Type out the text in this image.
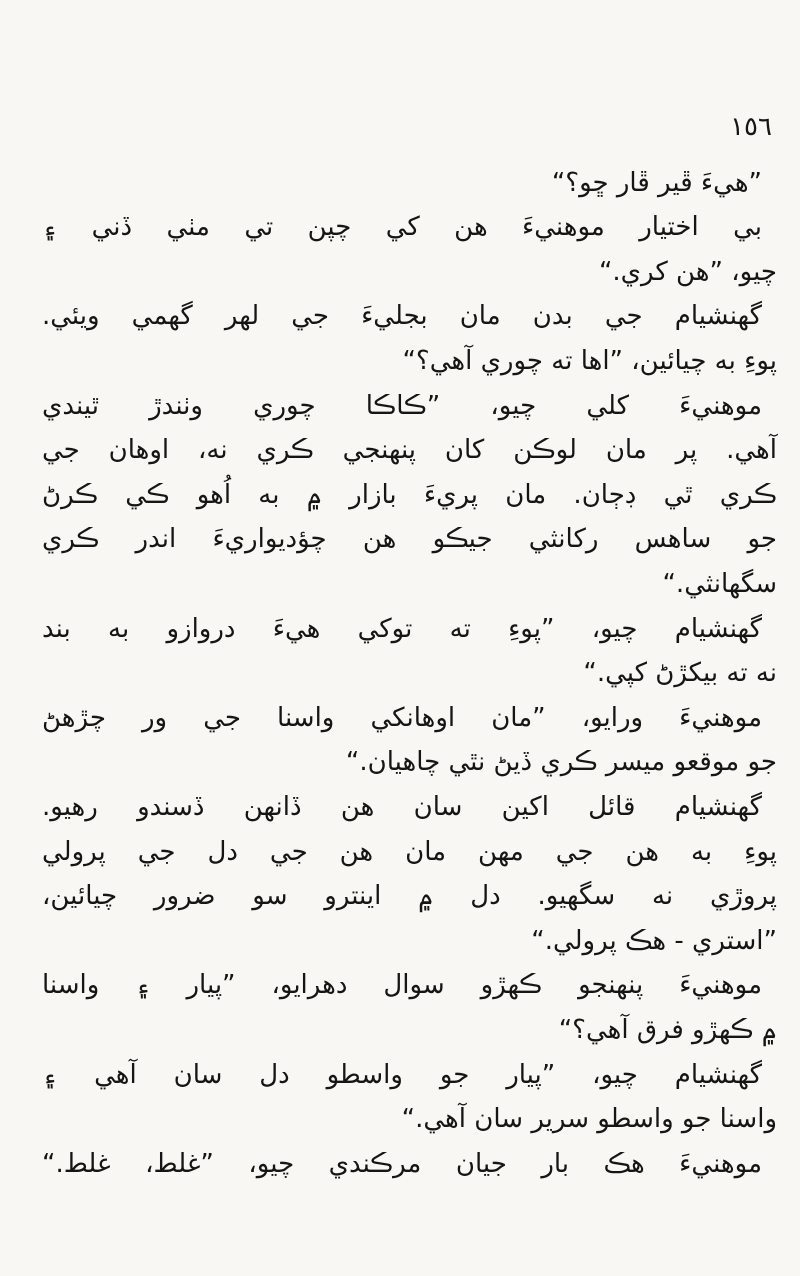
١٥٦
”هيءَ ڦير ڦار ڇو؟“
بي اختيار موهنيءَ هن کي چپن تي مٺي ڏني ۽
چيو، ”هن کري.“
گهنشيام جي بدن مان بجليءَ جي لهر گهمي ويئي.
پوءِ به چيائين، ”اها ته چوري آهي؟“
موهنيءَ کلي چيو، ”ڪاڪا چوري وٺندڙ ٿيندي
آهي. پر مان لوڪن کان پنهنجي ڪري نه، اوهان جي
ڪري ٿي ڊڄان. مان پريءَ بازار ۾ به اُهو ڪي ڪرڻ
جو ساهس رکانثي جيڪو هن چؤديواريءَ اندر ڪري
سگهانثي.“
گهنشيام چيو، ”پوءِ ته توکي هيءَ دروازو به بند
نه ته بيکڙڻ کپي.“
موهنيءَ ورايو، ”مان اوهانکي واسنا جي ور چڙهڻ
جو موقعو ميسر ڪري ڏيڻ نٿي چاهيان.“
گهنشيام قائل اکين سان هن ڏانهن ڏسندو رهيو.
پوءِ به هن جي مهن مان هن جي دل جي پرولي
پروڙي نه سگهيو. دل ۾ اينترو سو ضرور چيائين،
”استري - هڪ پرولي.“
موهنيءَ پنهنجو ڪهڙو سوال دهرايو، ”پيار ۽ واسنا
۾ ڪهڙو فرق آهي؟“
گهنشيام چيو، ”پيار جو واسطو دل سان آهي ۽
واسنا جو واسطو سرير سان آهي.“
موهنيءَ هڪ بار جيان مرڪندي چيو، ”غلط، غلط.“
